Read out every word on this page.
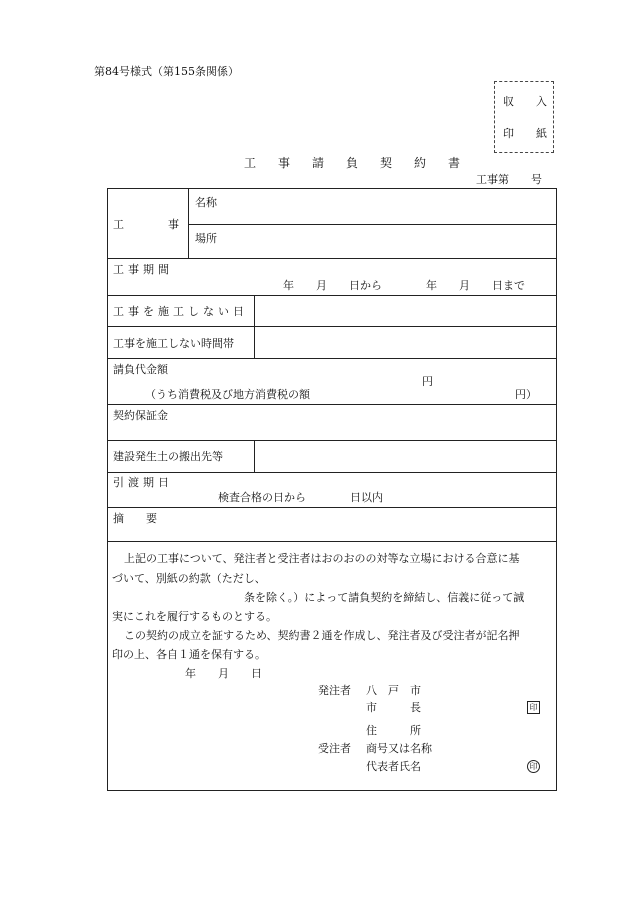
第84号様式（第155条関係）
収　　入
印　　紙
工事請負契約書
工事第　　号
工　　　　事
名称
場所
工事期間
年　　月　　日から　　　　年　　月　　日まで
工事を施工しない日
工事を施工しない時間帯
請負代金額
円
（うち消費税及び地方消費税の額	円）
契約保証金
建設発生土の搬出先等
引渡期日
検査合格の日から　　　　日以内
摘　　要
上記の工事について、発注者と受注者はおのおのの対等な立場における合意に基
づいて、別紙の約款（ただし、
条を除く。）によって請負契約を締結し、信義に従って誠
実にこれを履行するものとする。
この契約の成立を証するため、契約書２通を作成し、発注者及び受注者が記名押
印の上、各自１通を保有する。
年　　月　　日
発注者 八　戸　市
市　　　長	印
住　　　所
受注者 商号又は名称
代表者氏名	印
